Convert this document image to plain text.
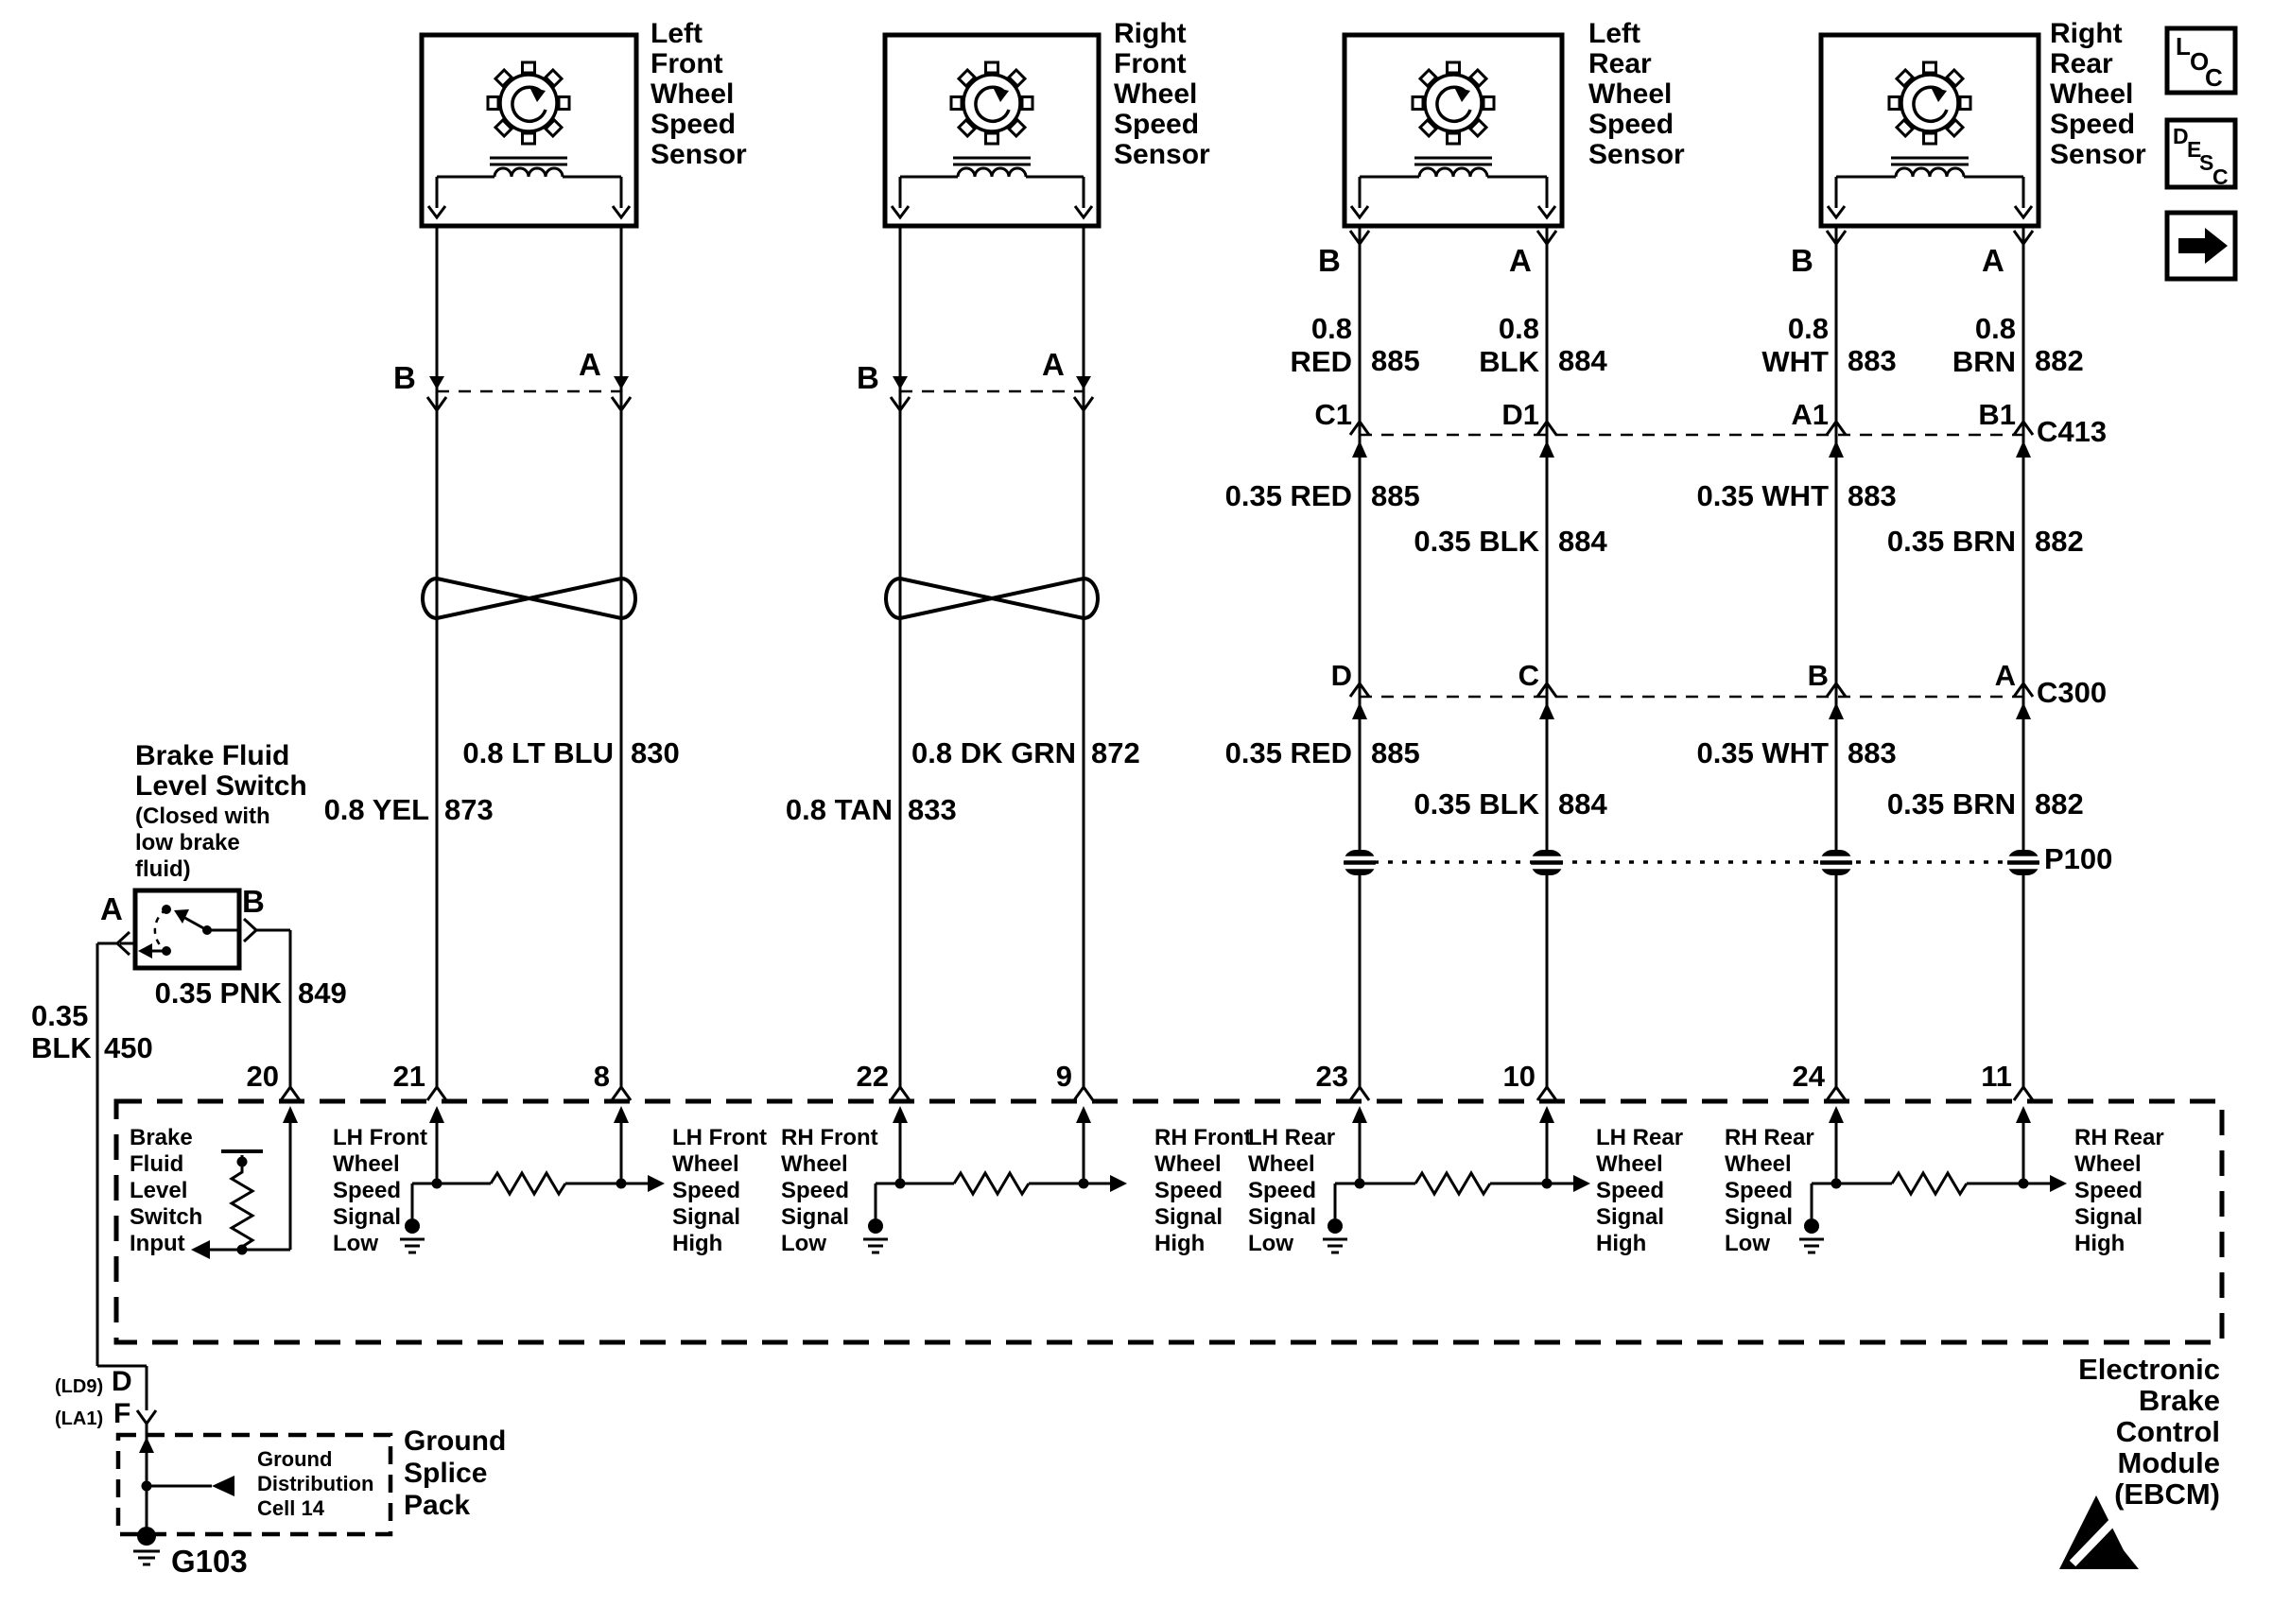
Left
Front
Wheel
Speed
Sensor
Right
Front
Wheel
Speed
Sensor
Left
Rear
Wheel
Speed
Sensor
Right
Rear
Wheel
Speed
Sensor
L
O
C
D
E
S
C
B	A	B	A
B	A	B	A
0.8
RED 885
0.8
BLK 884
0.8
WHT 883
0.8
BRN 882
C1	D1	A1	B1
C413
0.35 RED 885
0.35 BLK 884
0.35 WHT 883
0.35 BRN 882
D	C	B	A
C300
0.35 RED 885
0.35 BLK 884
0.35 WHT 883
0.35 BRN 882
P100
0.8 LT BLU 830
0.8 YEL 873
0.8 DK GRN 872
0.8 TAN 833
Brake Fluid
Level Switch
(Closed with
low brake
fluid)
A	B
0.35 PNK 849
0.35
BLK 450
20	21	8	22	9	23	10	24	11
Brake
Fluid
Level
Switch
Input
LH Front
Wheel
Speed
Signal
Low
LH Front
Wheel
Speed
Signal
High
RH Front
Wheel
Speed
Signal
Low
RH Front
Wheel
Speed
Signal
High
LH Rear
Wheel
Speed
Signal
Low
LH Rear
Wheel
Speed
Signal
High
RH Rear
Wheel
Speed
Signal
Low
RH Rear
Wheel
Speed
Signal
High
Electronic
Brake
Control
Module
(EBCM)
(LD9) D
(LA1) F
Ground
Distribution
Cell 14
Ground
Splice
Pack
G103
